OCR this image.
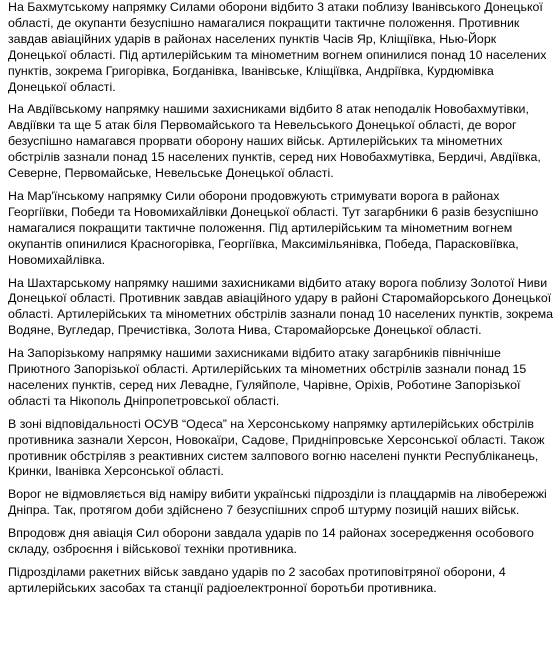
На Бахмутському напрямку Силами оборони відбито 3 атаки поблизу Іванівського Донецької області, де окупанти безуспішно намагалися покращити тактичне положення. Противник завдав авіаційних ударів в районах населених пунктів Часів Яр, Кліщіївка, Нью-Йорк Донецької області. Під артилерійським та мінометним вогнем опинилися понад 10 населених пунктів, зокрема Григорівка, Богданівка, Іванівське, Кліщіївка, Андріївка, Курдюмівка Донецької області.

На Авдіївському напрямку нашими захисниками відбито 8 атак неподалік Новобахмутівки, Авдіївки та ще 5 атак біля Первомайського та Невельського Донецької області, де ворог безуспішно намагався прорвати оборону наших військ. Артилерійських та мінометних обстрілів зазнали понад 15 населених пунктів, серед них Новобахмутівка, Бердичі, Авдіївка, Северне, Первомайське, Невельське Донецької області.

На Мар'їнському напрямку Сили оборони продовжують стримувати ворога в районах Георгіївки, Победи та Новомихайлівки Донецької області. Тут загарбники 6 разів безуспішно намагалися покращити тактичне положення. Під артилерійським та мінометним вогнем окупантів опинилися Красногорівка, Георгіївка, Максимільянівка, Победа, Парасковіївка, Новомихайлівка.

На Шахтарському напрямку нашими захисниками відбито атаку ворога поблизу Золотої Ниви Донецької області. Противник завдав авіаційного удару в районі Старомайорського Донецької області. Артилерійських та мінометних обстрілів зазнали понад 10 населених пунктів, зокрема Водяне, Вугледар, Пречистівка, Золота Нива, Старомайорське Донецької області.

На Запорізькому напрямку нашими захисниками відбито атаку загарбників північніше Приютного Запорізької області. Артилерійських та мінометних обстрілів зазнали понад 15 населених пунктів, серед них Левадне, Гуляйполе, Чарівне, Оріхів, Роботине Запорізької області та Нікополь Дніпропетровської області.

В зоні відповідальності ОСУВ “Одеса” на Херсонському напрямку артилерійських обстрілів противника зазнали Херсон, Новокаїри, Садове, Придніпровське Херсонської області. Також противник обстріляв з реактивних систем залпового вогню населені пункти Республіканець, Кринки, Іванівка Херсонської області.

Ворог не відмовляється від наміру вибити українські підрозділи із плацдармів на лівобережжі Дніпра. Так, протягом доби здійснено 7 безуспішних спроб штурму позицій наших військ.

Впродовж дня авіація Сил оборони завдала ударів по 14 районах зосередження особового складу, озброєння і військової техніки противника.

Підрозділами ракетних військ завдано ударів по 2 засобах протиповітряної оборони, 4 артилерійських засобах та станції радіоелектронної боротьби противника.
